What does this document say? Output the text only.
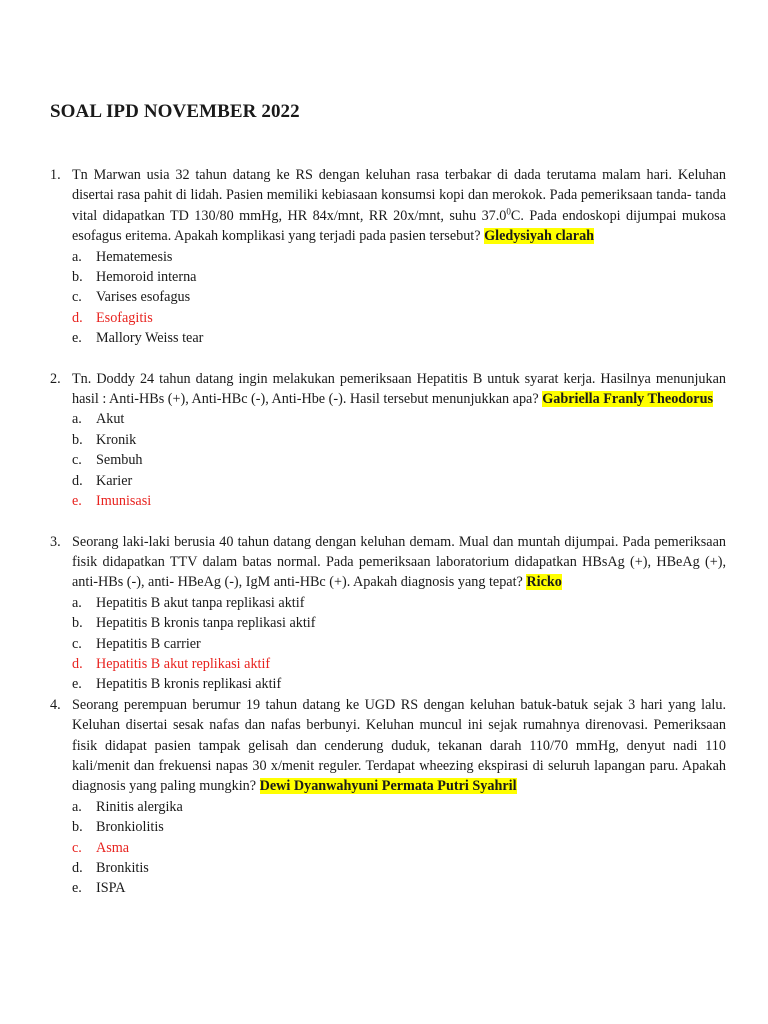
SOAL IPD NOVEMBER 2022
1. Tn Marwan usia 32 tahun datang ke RS dengan keluhan rasa terbakar di dada terutama malam hari. Keluhan disertai rasa pahit di lidah. Pasien memiliki kebiasaan konsumsi kopi dan merokok. Pada pemeriksaan tanda- tanda vital didapatkan TD 130/80 mmHg, HR 84x/mnt, RR 20x/mnt, suhu 37.0$^0$C. Pada endoskopi dijumpai mukosa esofagus eritema. Apakah komplikasi yang terjadi pada pasien tersebut? Gledysiyah clarah

a. Hematemesis
b. Hemoroid interna
c. Varises esofagus
d. Esofagitis
e. Mallory Weiss tear
2. Tn. Doddy 24 tahun datang ingin melakukan pemeriksaan Hepatitis B untuk syarat kerja. Hasilnya menunjukan hasil : Anti-HBs (+), Anti-HBc (-), Anti-Hbe (-). Hasil tersebut menunjukkan apa? Gabriella Franly Theodorus

a. Akut
b. Kronik
c. Sembuh
d. Karier
e. Imunisasi
3. Seorang laki-laki berusia 40 tahun datang dengan keluhan demam. Mual dan muntah dijumpai. Pada pemeriksaan fisik didapatkan TTV dalam batas normal. Pada pemeriksaan laboratorium didapatkan HBsAg (+), HBeAg (+), anti-HBs (-), anti- HBeAg (-), IgM anti-HBc (+). Apakah diagnosis yang tepat? Ricko

a. Hepatitis B akut tanpa replikasi aktif
b. Hepatitis B kronis tanpa replikasi aktif
c. Hepatitis B carrier
d. Hepatitis B akut replikasi aktif
e. Hepatitis B kronis replikasi aktif
4. Seorang perempuan berumur 19 tahun datang ke UGD RS dengan keluhan batuk-batuk sejak 3 hari yang lalu. Keluhan disertai sesak nafas dan nafas berbunyi. Keluhan muncul ini sejak rumahnya direnovasi. Pemeriksaan fisik didapat pasien tampak gelisah dan cenderung duduk, tekanan darah 110/70 mmHg, denyut nadi 110 kali/menit dan frekuensi napas 30 x/menit reguler. Terdapat wheezing ekspirasi di seluruh lapangan paru. Apakah diagnosis yang paling mungkin? Dewi Dyanwahyuni Permata Putri Syahril

a. Rinitis alergika
b. Bronkiolitis
c. Asma
d. Bronkitis
e. ISPA
